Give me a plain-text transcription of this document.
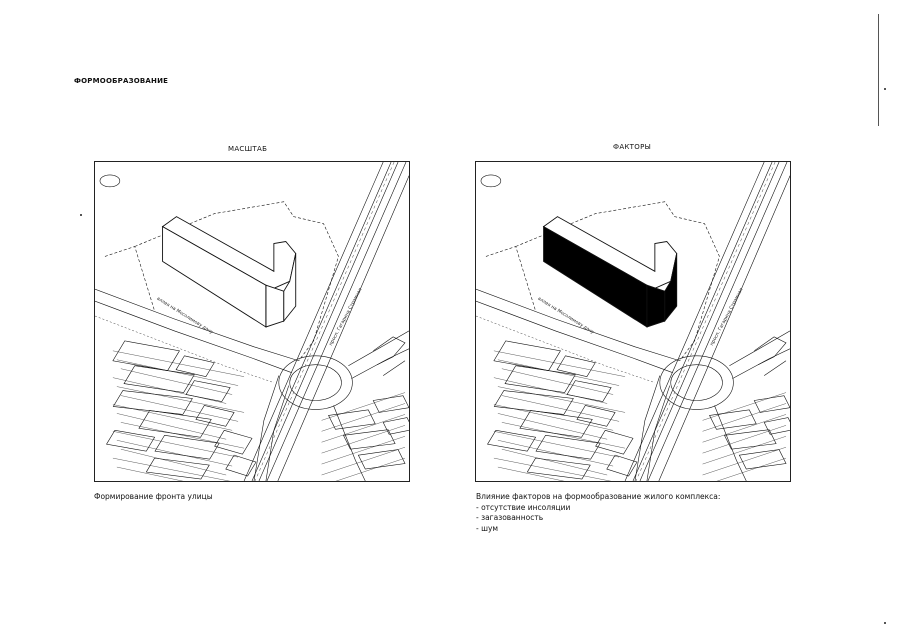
ФОРМООБРАЗОВАНИЕ
МАСШТАБ	ФАКТОРЫ
аллея на Мосолимову дачу	просп. Гагарина Страмная	аллея на Мосолимову дачу	просп. Гагарина Страмная
Формирование фронта улицы	Влияние факторов на формообразование жилого комплекса:
- отсутствие инсоляции
- загазованность
- шум
